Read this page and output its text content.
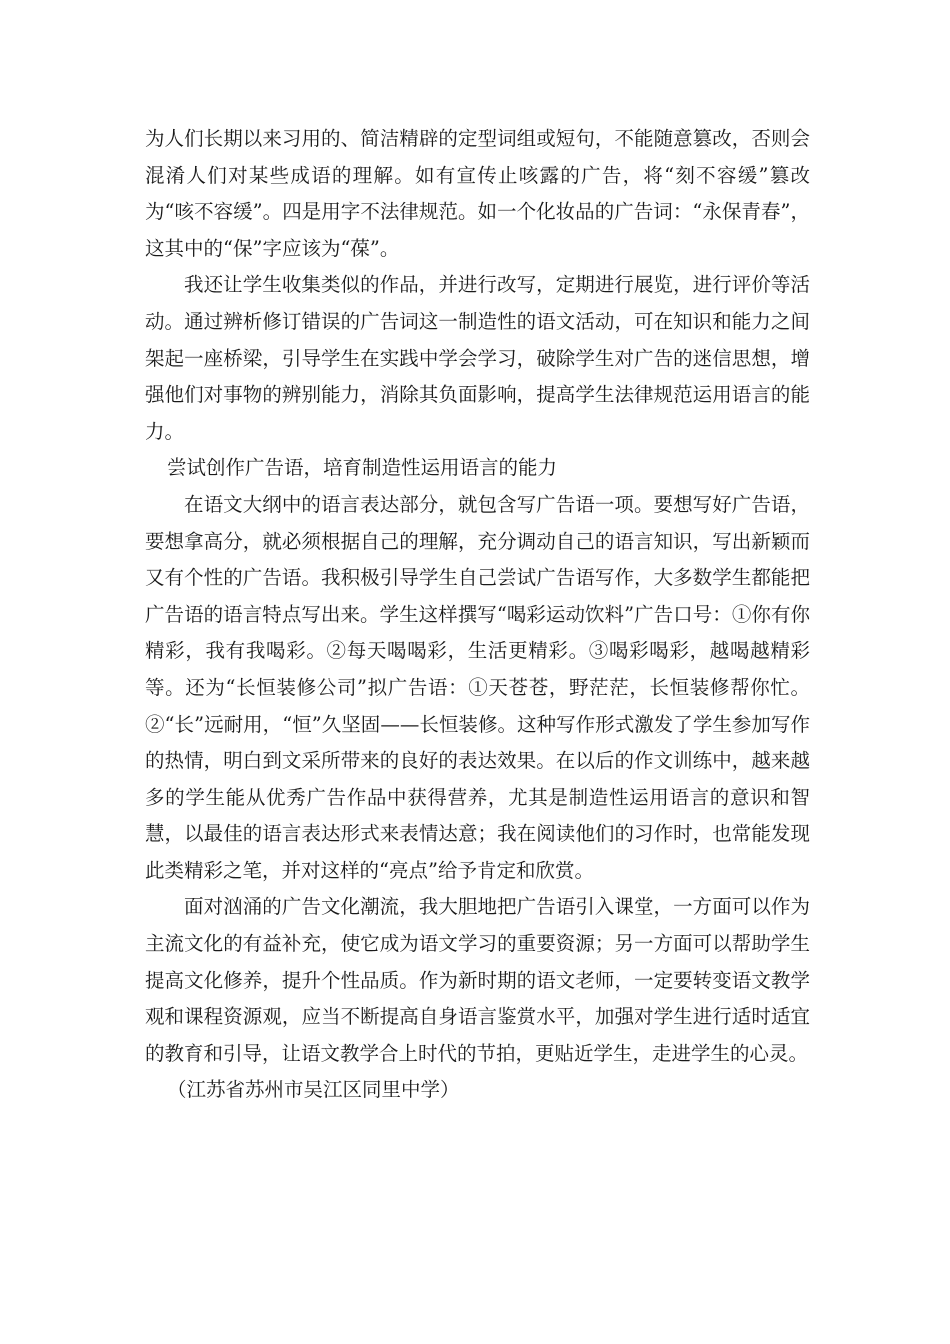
为人们长期以来习用的、简洁精辟的定型词组或短句，不能随意篡改，否则会混淆人们对某些成语的理解。如有宣传止咳露的广告，将“刻不容缓”篡改为“咳不容缓”。四是用字不法律规范。如一个化妆品的广告词：“永保青春”，这其中的“保”字应该为“葆”。

我还让学生收集类似的作品，并进行改写，定期进行展览，进行评价等活动。通过辨析修订错误的广告词这一制造性的语文活动，可在知识和能力之间架起一座桥梁，引导学生在实践中学会学习，破除学生对广告的迷信思想，增强他们对事物的辨别能力，消除其负面影响，提高学生法律规范运用语言的能力。

尝试创作广告语，培育制造性运用语言的能力

在语文大纲中的语言表达部分，就包含写广告语一项。要想写好广告语，要想拿高分，就必须根据自己的理解，充分调动自己的语言知识，写出新颖而又有个性的广告语。我积极引导学生自己尝试广告语写作，大多数学生都能把广告语的语言特点写出来。学生这样撰写“喝彩运动饮料”广告口号：①你有你精彩，我有我喝彩。②每天喝喝彩，生活更精彩。③喝彩喝彩，越喝越精彩等。还为“长恒装修公司”拟广告语：①天苍苍，野茫茫，长恒装修帮你忙。②“长”远耐用，“恒”久坚固——长恒装修。这种写作形式激发了学生参加写作的热情，明白到文采所带来的良好的表达效果。在以后的作文训练中，越来越多的学生能从优秀广告作品中获得营养，尤其是制造性运用语言的意识和智慧，以最佳的语言表达形式来表情达意；我在阅读他们的习作时，也常能发现此类精彩之笔，并对这样的“亮点”给予肯定和欣赏。

面对汹涌的广告文化潮流，我大胆地把广告语引入课堂，一方面可以作为主流文化的有益补充，使它成为语文学习的重要资源；另一方面可以帮助学生提高文化修养，提升个性品质。作为新时期的语文老师，一定要转变语文教学观和课程资源观，应当不断提高自身语言鉴赏水平，加强对学生进行适时适宜的教育和引导，让语文教学合上时代的节拍，更贴近学生，走进学生的心灵。

（江苏省苏州市吴江区同里中学）
